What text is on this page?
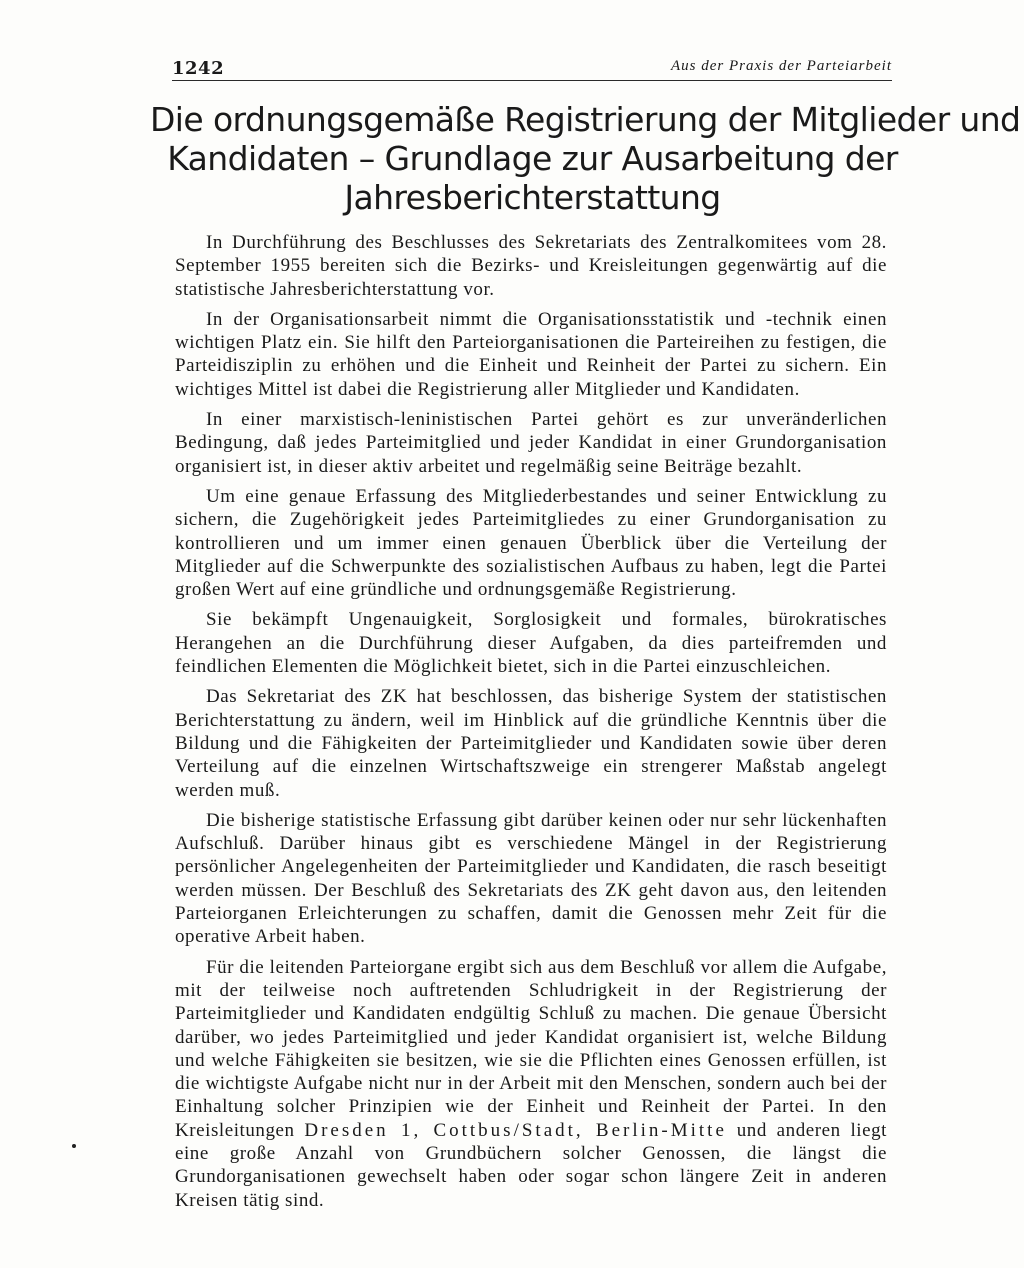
1242	Aus der Praxis der Parteiarbeit
Die ordnungsgemäße Registrierung der Mitglieder und
Kandidaten – Grundlage zur Ausarbeitung der
Jahresberichterstattung

In Durchführung des Beschlusses des Sekretariats des Zentralkomitees vom 28. September 1955 bereiten sich die Bezirks- und Kreisleitungen gegenwärtig auf die statistische Jahresberichterstattung vor.

In der Organisationsarbeit nimmt die Organisationsstatistik und -technik einen wichtigen Platz ein. Sie hilft den Parteiorganisationen die Parteireihen zu festigen, die Parteidisziplin zu erhöhen und die Einheit und Reinheit der Partei zu sichern. Ein wichtiges Mittel ist dabei die Registrierung aller Mitglieder und Kandidaten.

In einer marxistisch-leninistischen Partei gehört es zur unveränderlichen Bedingung, daß jedes Parteimitglied und jeder Kandidat in einer Grundorganisation organisiert ist, in dieser aktiv arbeitet und regelmäßig seine Beiträge bezahlt.

Um eine genaue Erfassung des Mitgliederbestandes und seiner Entwicklung zu sichern, die Zugehörigkeit jedes Parteimitgliedes zu einer Grundorganisation zu kontrollieren und um immer einen genauen Überblick über die Verteilung der Mitglieder auf die Schwerpunkte des sozialistischen Aufbaus zu haben, legt die Partei großen Wert auf eine gründliche und ordnungsgemäße Registrierung.

Sie bekämpft Ungenauigkeit, Sorglosigkeit und formales, bürokratisches Herangehen an die Durchführung dieser Aufgaben, da dies parteifremden und feindlichen Elementen die Möglichkeit bietet, sich in die Partei einzuschleichen.

Das Sekretariat des ZK hat beschlossen, das bisherige System der statistischen Berichterstattung zu ändern, weil im Hinblick auf die gründliche Kenntnis über die Bildung und die Fähigkeiten der Parteimitglieder und Kandidaten sowie über deren Verteilung auf die einzelnen Wirtschaftszweige ein strengerer Maßstab angelegt werden muß.

Die bisherige statistische Erfassung gibt darüber keinen oder nur sehr lückenhaften Aufschluß. Darüber hinaus gibt es verschiedene Mängel in der Registrierung persönlicher Angelegenheiten der Parteimitglieder und Kandidaten, die rasch beseitigt werden müssen. Der Beschluß des Sekretariats des ZK geht davon aus, den leitenden Parteiorganen Erleichterungen zu schaffen, damit die Genossen mehr Zeit für die operative Arbeit haben.

Für die leitenden Parteiorgane ergibt sich aus dem Beschluß vor allem die Aufgabe, mit der teilweise noch auftretenden Schludrigkeit in der Registrierung der Parteimitglieder und Kandidaten endgültig Schluß zu machen. Die genaue Übersicht darüber, wo jedes Parteimitglied und jeder Kandidat organisiert ist, welche Bildung und welche Fähigkeiten sie besitzen, wie sie die Pflichten eines Genossen erfüllen, ist die wichtigste Aufgabe nicht nur in der Arbeit mit den Menschen, sondern auch bei der Einhaltung solcher Prinzipien wie der Einheit und Reinheit der Partei. In den Kreisleitungen Dresden 1, Cottbus/Stadt, Berlin-Mitte und anderen liegt eine große Anzahl von Grundbüchern solcher Genossen, die längst die Grundorganisationen gewechselt haben oder sogar schon längere Zeit in anderen Kreisen tätig sind.
